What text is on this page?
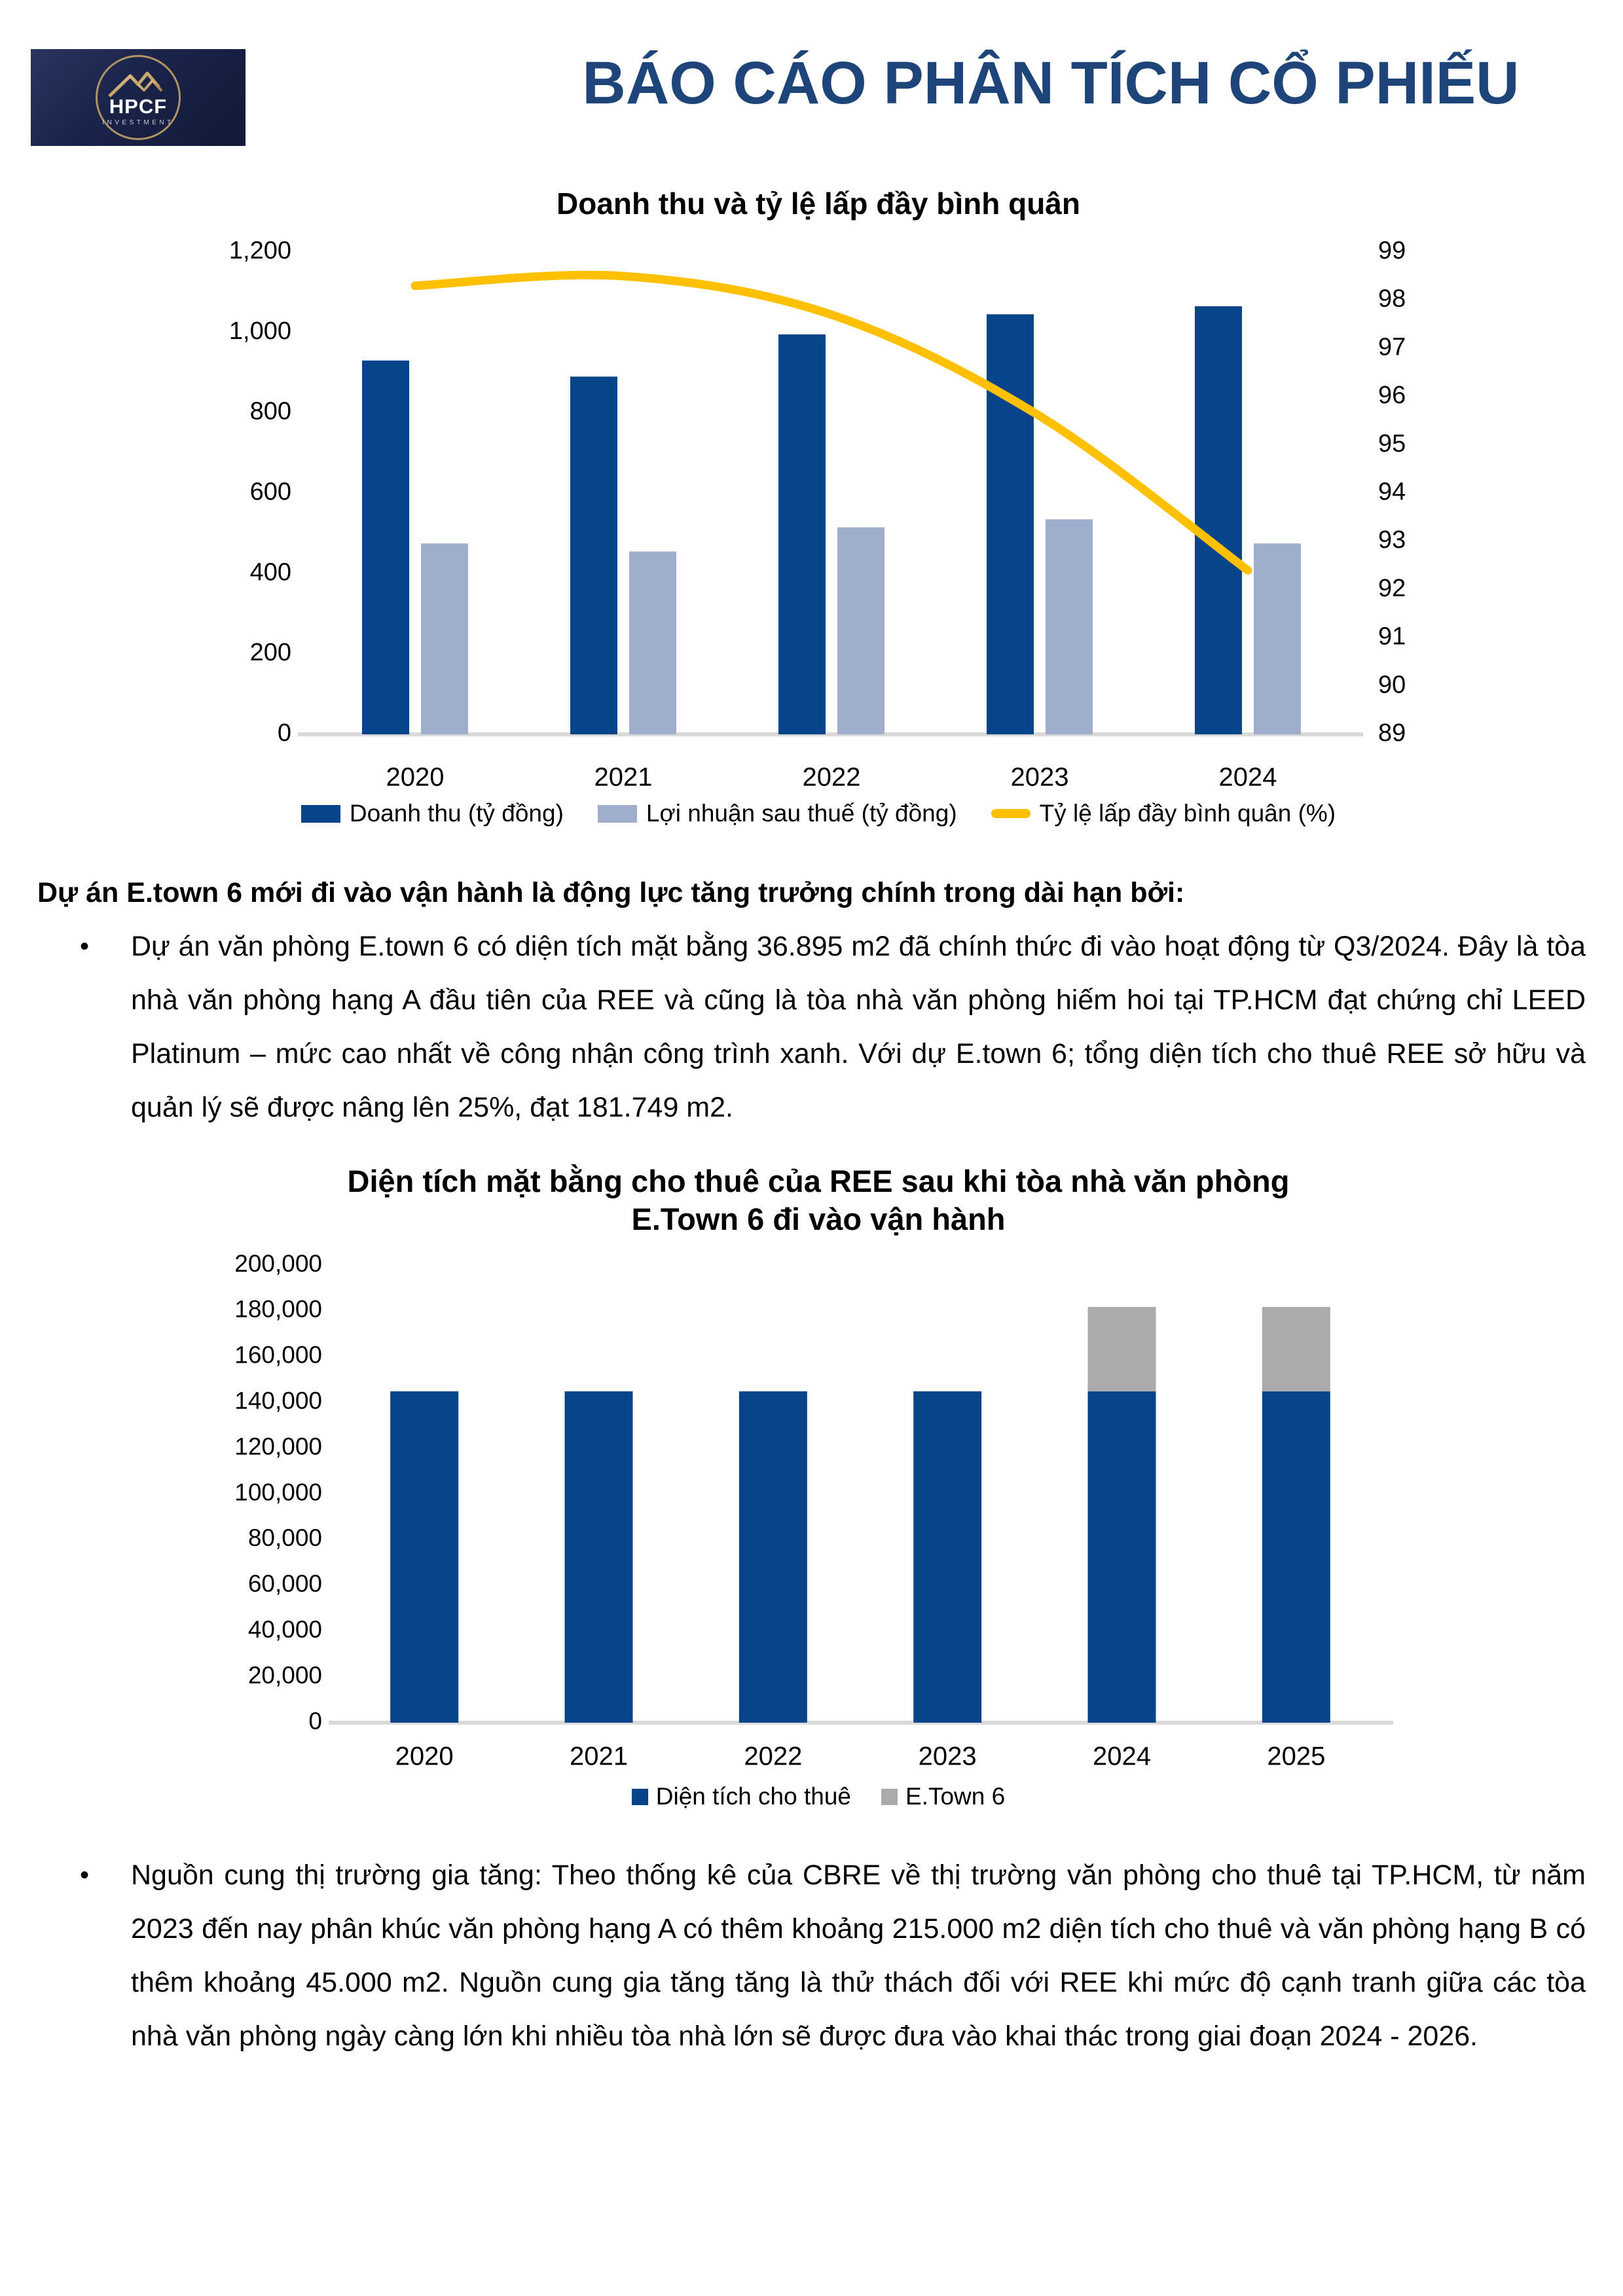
HPCF
INVESTMENT
BÁO CÁO PHÂN TÍCH CỔ PHIẾU
Doanh thu và tỷ lệ lấp đầy bình quân
0
200
400
600
800
1,000
1,200
89
90
91
92
93
94
95
96
97
98
99
2020	2021	2022	2023	2024
Doanh thu (tỷ đồng)	Lợi nhuận sau thuế (tỷ đồng)	Tỷ lệ lấp đầy bình quân (%)
Dự án E.town 6 mới đi vào vận hành là động lực tăng trưởng chính trong dài hạn bởi:
•	Dự án văn phòng E.town 6 có diện tích mặt bằng 36.895 m2 đã chính thức đi vào hoạt động từ Q3/2024. Đây là tòa nhà văn phòng hạng A đầu tiên của REE và cũng là tòa nhà văn phòng hiếm hoi tại TP.HCM đạt chứng chỉ LEED Platinum – mức cao nhất về công nhận công trình xanh. Với dự E.town 6; tổng diện tích cho thuê REE sở hữu và quản lý sẽ được nâng lên 25%, đạt 181.749 m2.
Diện tích mặt bằng cho thuê của REE sau khi tòa nhà văn phòng
E.Town 6 đi vào vận hành
0
20,000
40,000
60,000
80,000
100,000
120,000
140,000
160,000
180,000
200,000
2020	2021	2022	2023	2024	2025
Diện tích cho thuê E.Town 6
•	Nguồn cung thị trường gia tăng: Theo thống kê của CBRE về thị trường văn phòng cho thuê tại TP.HCM, từ năm 2023 đến nay phân khúc văn phòng hạng A có thêm khoảng 215.000 m2 diện tích cho thuê và văn phòng hạng B có thêm khoảng 45.000 m2. Nguồn cung gia tăng tăng là thử thách đối với REE khi mức độ cạnh tranh giữa các tòa nhà văn phòng ngày càng lớn khi nhiều tòa nhà lớn sẽ được đưa vào khai thác trong giai đoạn 2024 - 2026.
